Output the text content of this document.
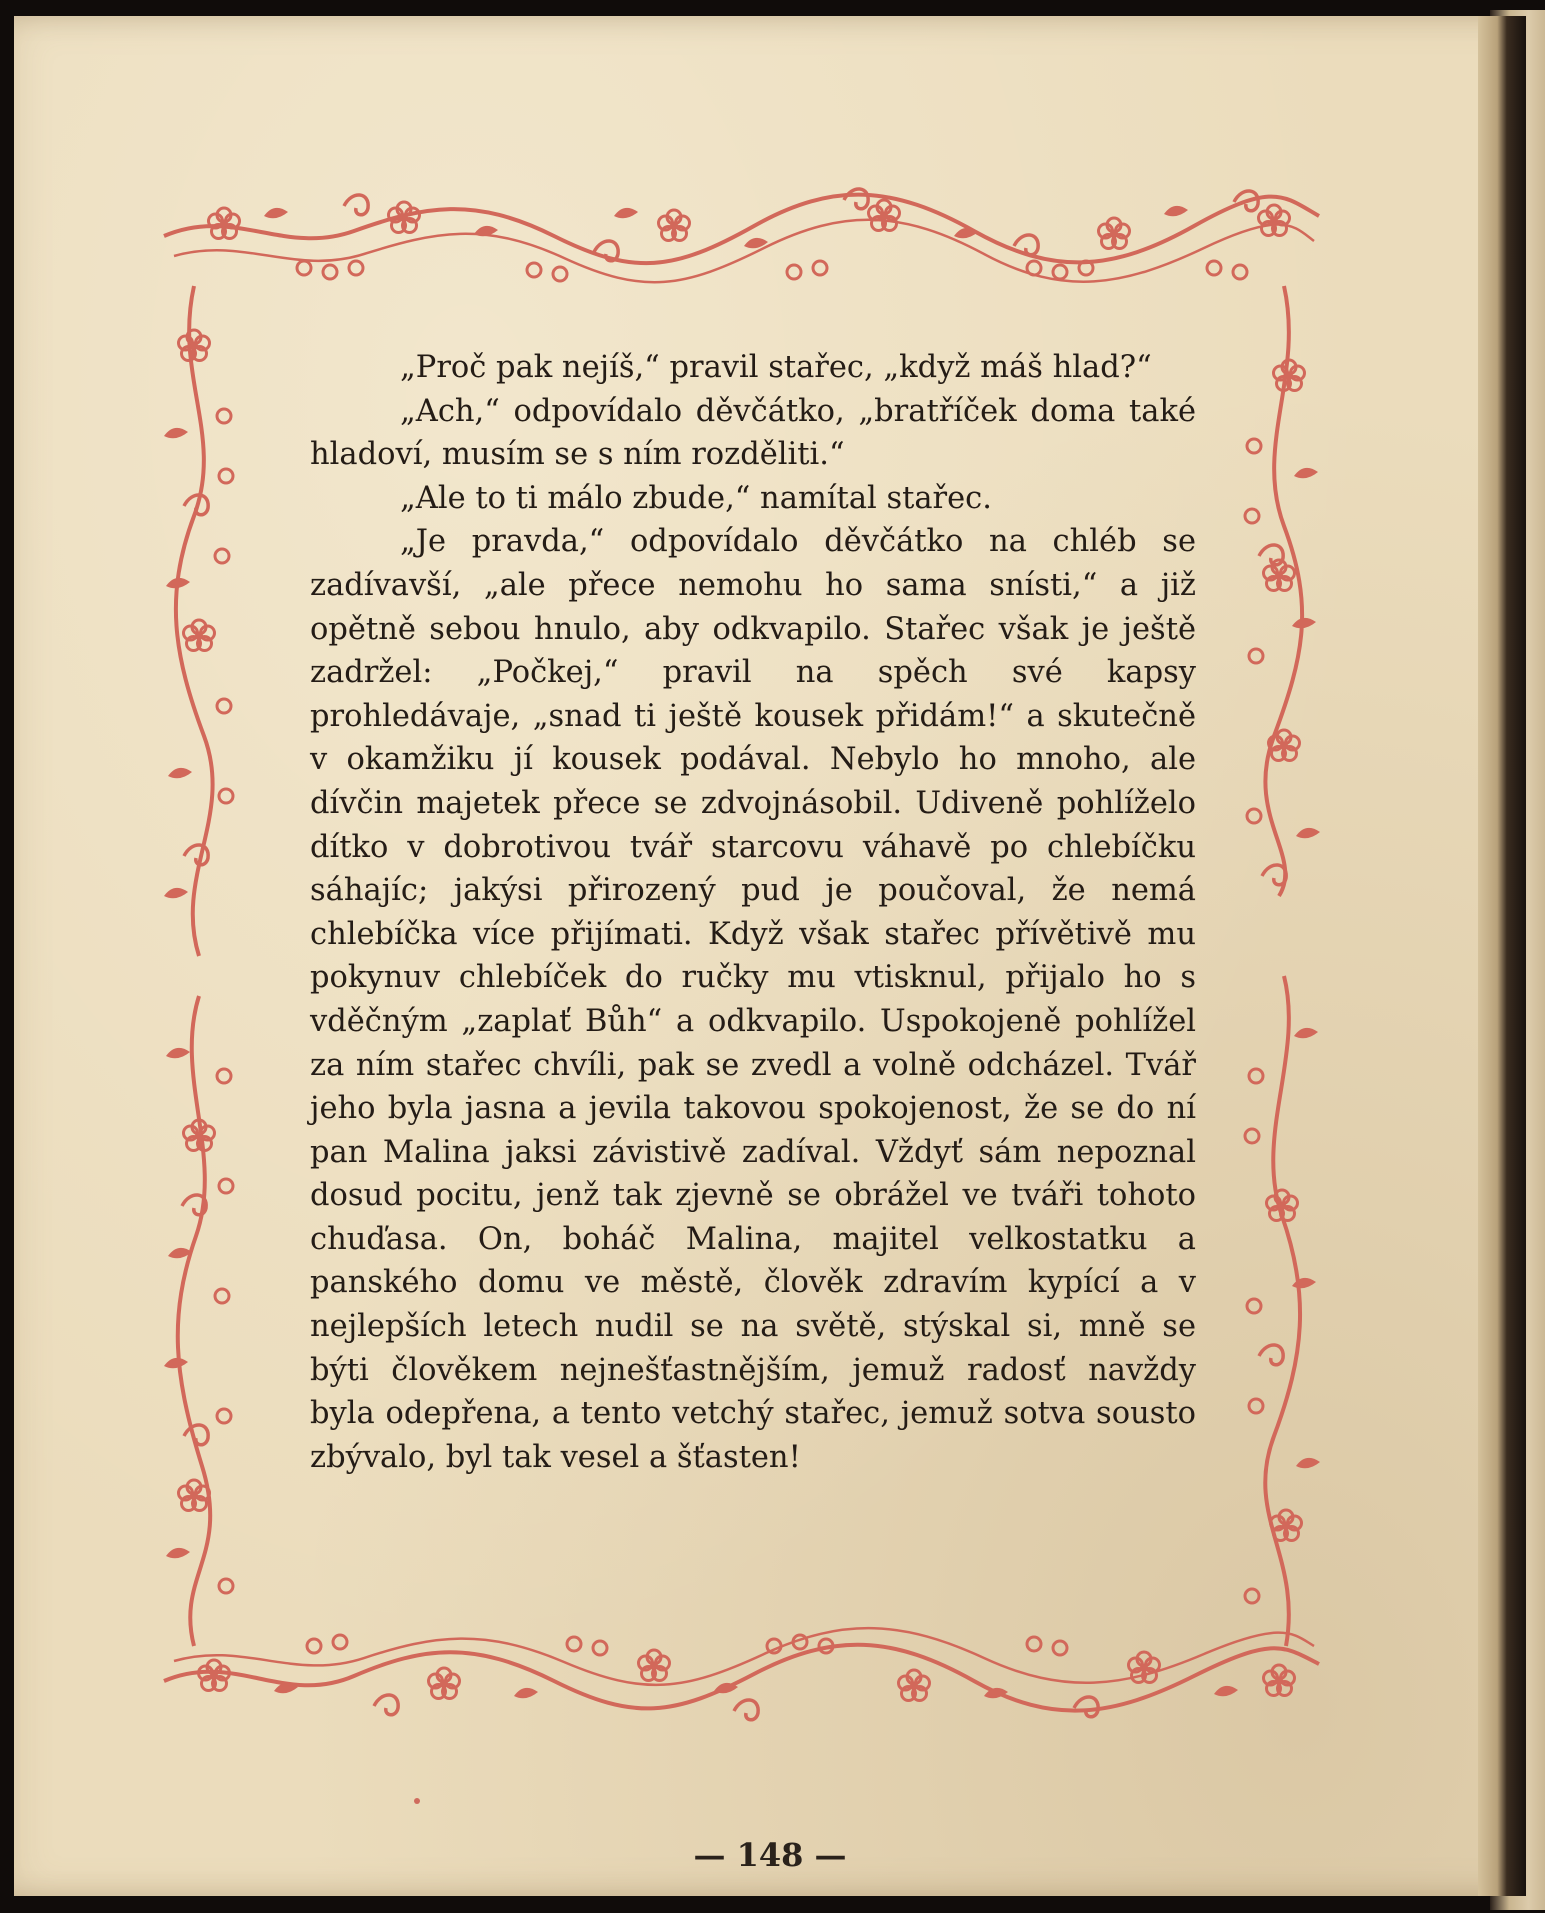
„Proč pak nejíš,“ pravil stařec, „když máš hlad?“

„Ach,“ odpovídalo děvčátko, „bratříček doma také hladoví, musím se s ním rozděliti.“

„Ale to ti málo zbude,“ namítal stařec.

„Je pravda,“ odpovídalo děvčátko na chléb se zadívavší, „ale přece nemohu ho sama snísti,“ a již opětně sebou hnulo, aby odkvapilo. Stařec však je ještě zadržel: „Počkej,“ pravil na spěch své kapsy prohledávaje, „snad ti ještě kousek přidám!“ a skutečně v okamžiku jí kousek podával. Nebylo ho mnoho, ale dívčin majetek přece se zdvojnásobil. Udiveně pohlíželo dítko v dobrotivou tvář starcovu váhavě po chlebíčku sáhajíc; jakýsi přirozený pud je poučoval, že nemá chlebíčka více přijímati. Když však stařec přívětivě mu pokynuv chlebíček do ručky mu vtisknul, přijalo ho s vděčným „zaplať Bůh“ a odkvapilo. Uspokojeně pohlížel za ním stařec chvíli, pak se zvedl a volně odcházel. Tvář jeho byla jasna a jevila takovou spokojenost, že se do ní pan Malina jaksi závistivě zadíval. Vždyť sám nepoznal dosud pocitu, jenž tak zjevně se obrážel ve tváři tohoto chuďasa. On, boháč Malina, majitel velkostatku a panského domu ve městě, člověk zdravím kypící a v nejlepších letech nudil se na světě, stýskal si, mně se býti člověkem nejnešťastnějším, jemuž radosť navždy byla odepřena, a tento vetchý stařec, jemuž sotva sousto zbývalo, byl tak vesel a šťasten!

— 148 —
